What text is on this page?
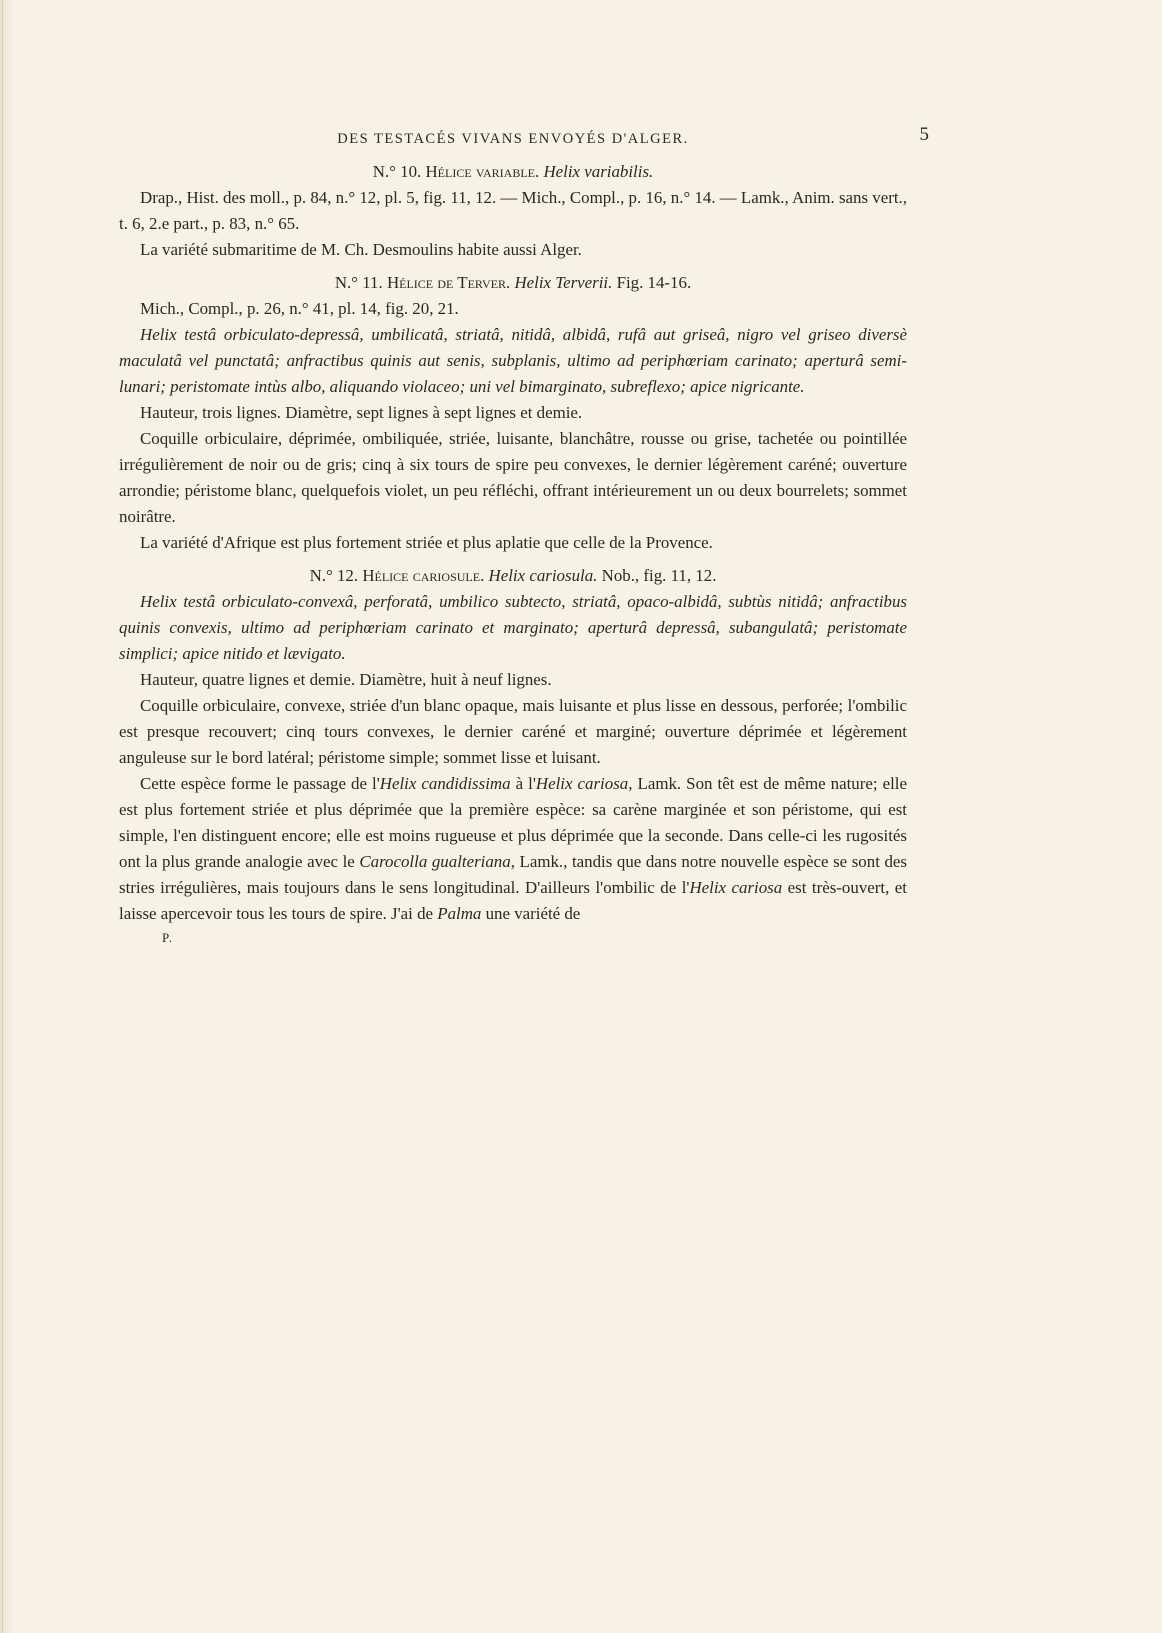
DES TESTACÉS VIVANS ENVOYÉS D'ALGER.	5

N.° 10. Hélice variable. Helix variabilis.

Drap., Hist. des moll., p. 84, n.° 12, pl. 5, fig. 11, 12. — Mich., Compl., p. 16, n.° 14. — Lamk., Anim. sans vert., t. 6, 2.e part., p. 83, n.° 65.

La variété submaritime de M. Ch. Desmoulins habite aussi Alger.

N.° 11. Hélice de Terver. Helix Terverii. Fig. 14-16.

Mich., Compl., p. 26, n.° 41, pl. 14, fig. 20, 21.

Helix testâ orbiculato-depressâ, umbilicatâ, striatâ, nitidâ, albidâ, rufâ aut griseâ, nigro vel griseo diversè maculatâ vel punctatâ; anfractibus quinis aut senis, subplanis, ultimo ad periphœriam carinato; aperturâ semi-lunari; peristomate intùs albo, aliquando violaceo; uni vel bimarginato, subreflexo; apice nigricante.

Hauteur, trois lignes. Diamètre, sept lignes à sept lignes et demie.

Coquille orbiculaire, déprimée, ombiliquée, striée, luisante, blanchâtre, rousse ou grise, tachetée ou pointillée irrégulièrement de noir ou de gris; cinq à six tours de spire peu convexes, le dernier légèrement caréné; ouverture arrondie; péristome blanc, quelquefois violet, un peu réfléchi, offrant intérieurement un ou deux bourrelets; sommet noirâtre.

La variété d'Afrique est plus fortement striée et plus aplatie que celle de la Provence.

N.° 12. Hélice cariosule. Helix cariosula. Nob., fig. 11, 12.

Helix testâ orbiculato-convexâ, perforatâ, umbilico subtecto, striatâ, opaco-albidâ, subtùs nitidâ; anfractibus quinis convexis, ultimo ad periphœriam carinato et marginato; aperturâ depressâ, subangulatâ; peristomate simplici; apice nitido et lævigato.

Hauteur, quatre lignes et demie. Diamètre, huit à neuf lignes.

Coquille orbiculaire, convexe, striée d'un blanc opaque, mais luisante et plus lisse en dessous, perforée; l'ombilic est presque recouvert; cinq tours convexes, le dernier caréné et marginé; ouverture déprimée et légèrement anguleuse sur le bord latéral; péristome simple; sommet lisse et luisant.

Cette espèce forme le passage de l'Helix candidissima à l'Helix cariosa, Lamk. Son têt est de même nature; elle est plus fortement striée et plus déprimée que la première espèce: sa carène marginée et son péristome, qui est simple, l'en distinguent encore; elle est moins rugueuse et plus déprimée que la seconde. Dans celle-ci les rugosités ont la plus grande analogie avec le Carocolla gualteriana, Lamk., tandis que dans notre nouvelle espèce se sont des stries irrégulières, mais toujours dans le sens longitudinal. D'ailleurs l'ombilic de l'Helix cariosa est très-ouvert, et laisse apercevoir tous les tours de spire. J'ai de Palma une variété de

P.
